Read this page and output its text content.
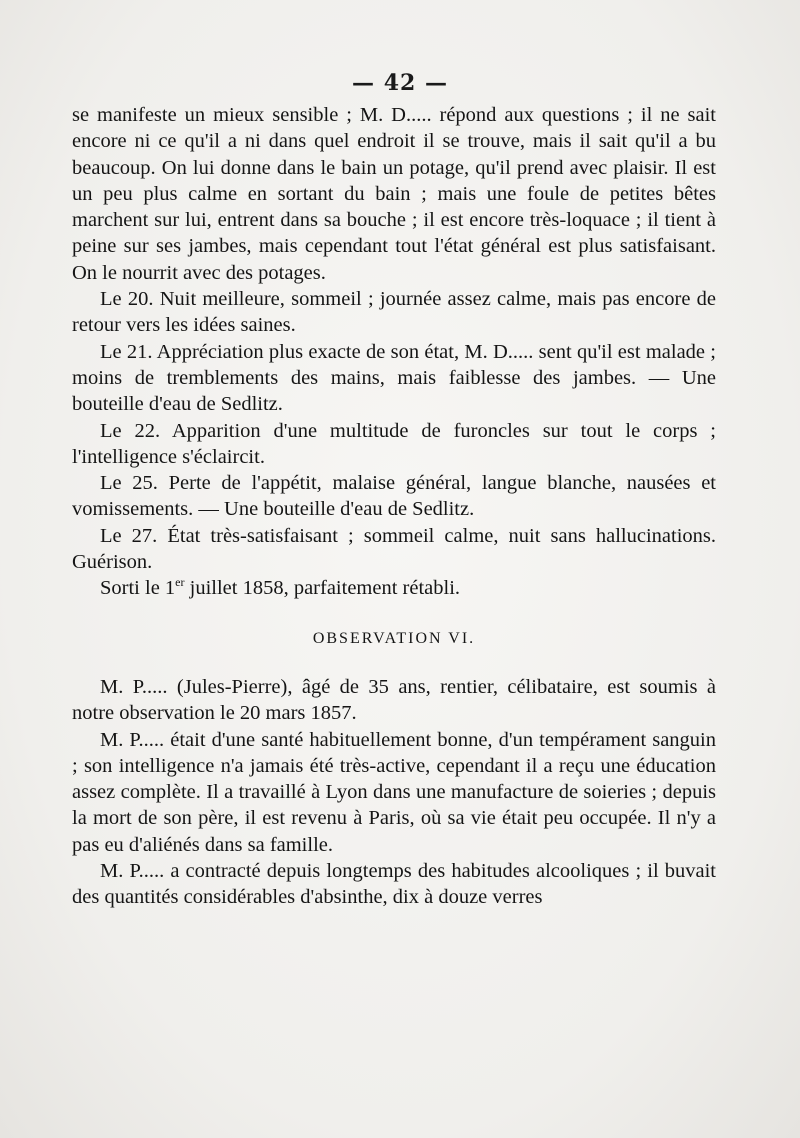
— 42 —

se manifeste un mieux sensible ; M. D..... répond aux questions ; il ne sait encore ni ce qu'il a ni dans quel endroit il se trouve, mais il sait qu'il a bu beaucoup. On lui donne dans le bain un potage, qu'il prend avec plaisir. Il est un peu plus calme en sortant du bain ; mais une foule de petites bêtes marchent sur lui, entrent dans sa bouche ; il est encore très-loquace ; il tient à peine sur ses jambes, mais cependant tout l'état général est plus satisfaisant. On le nourrit avec des potages.

Le 20. Nuit meilleure, sommeil ; journée assez calme, mais pas encore de retour vers les idées saines.

Le 21. Appréciation plus exacte de son état, M. D..... sent qu'il est malade ; moins de tremblements des mains, mais faiblesse des jambes. — Une bouteille d'eau de Sedlitz.

Le 22. Apparition d'une multitude de furoncles sur tout le corps ; l'intelligence s'éclaircit.

Le 25. Perte de l'appétit, malaise général, langue blanche, nausées et vomissements. — Une bouteille d'eau de Sedlitz.

Le 27. État très-satisfaisant ; sommeil calme, nuit sans hallucinations. Guérison.

Sorti le 1er juillet 1858, parfaitement rétabli.

OBSERVATION VI.

M. P..... (Jules-Pierre), âgé de 35 ans, rentier, célibataire, est soumis à notre observation le 20 mars 1857.

M. P..... était d'une santé habituellement bonne, d'un tempérament sanguin ; son intelligence n'a jamais été très-active, cependant il a reçu une éducation assez complète. Il a travaillé à Lyon dans une manufacture de soieries ; depuis la mort de son père, il est revenu à Paris, où sa vie était peu occupée. Il n'y a pas eu d'aliénés dans sa famille.

M. P..... a contracté depuis longtemps des habitudes alcooliques ; il buvait des quantités considérables d'absinthe, dix à douze verres
